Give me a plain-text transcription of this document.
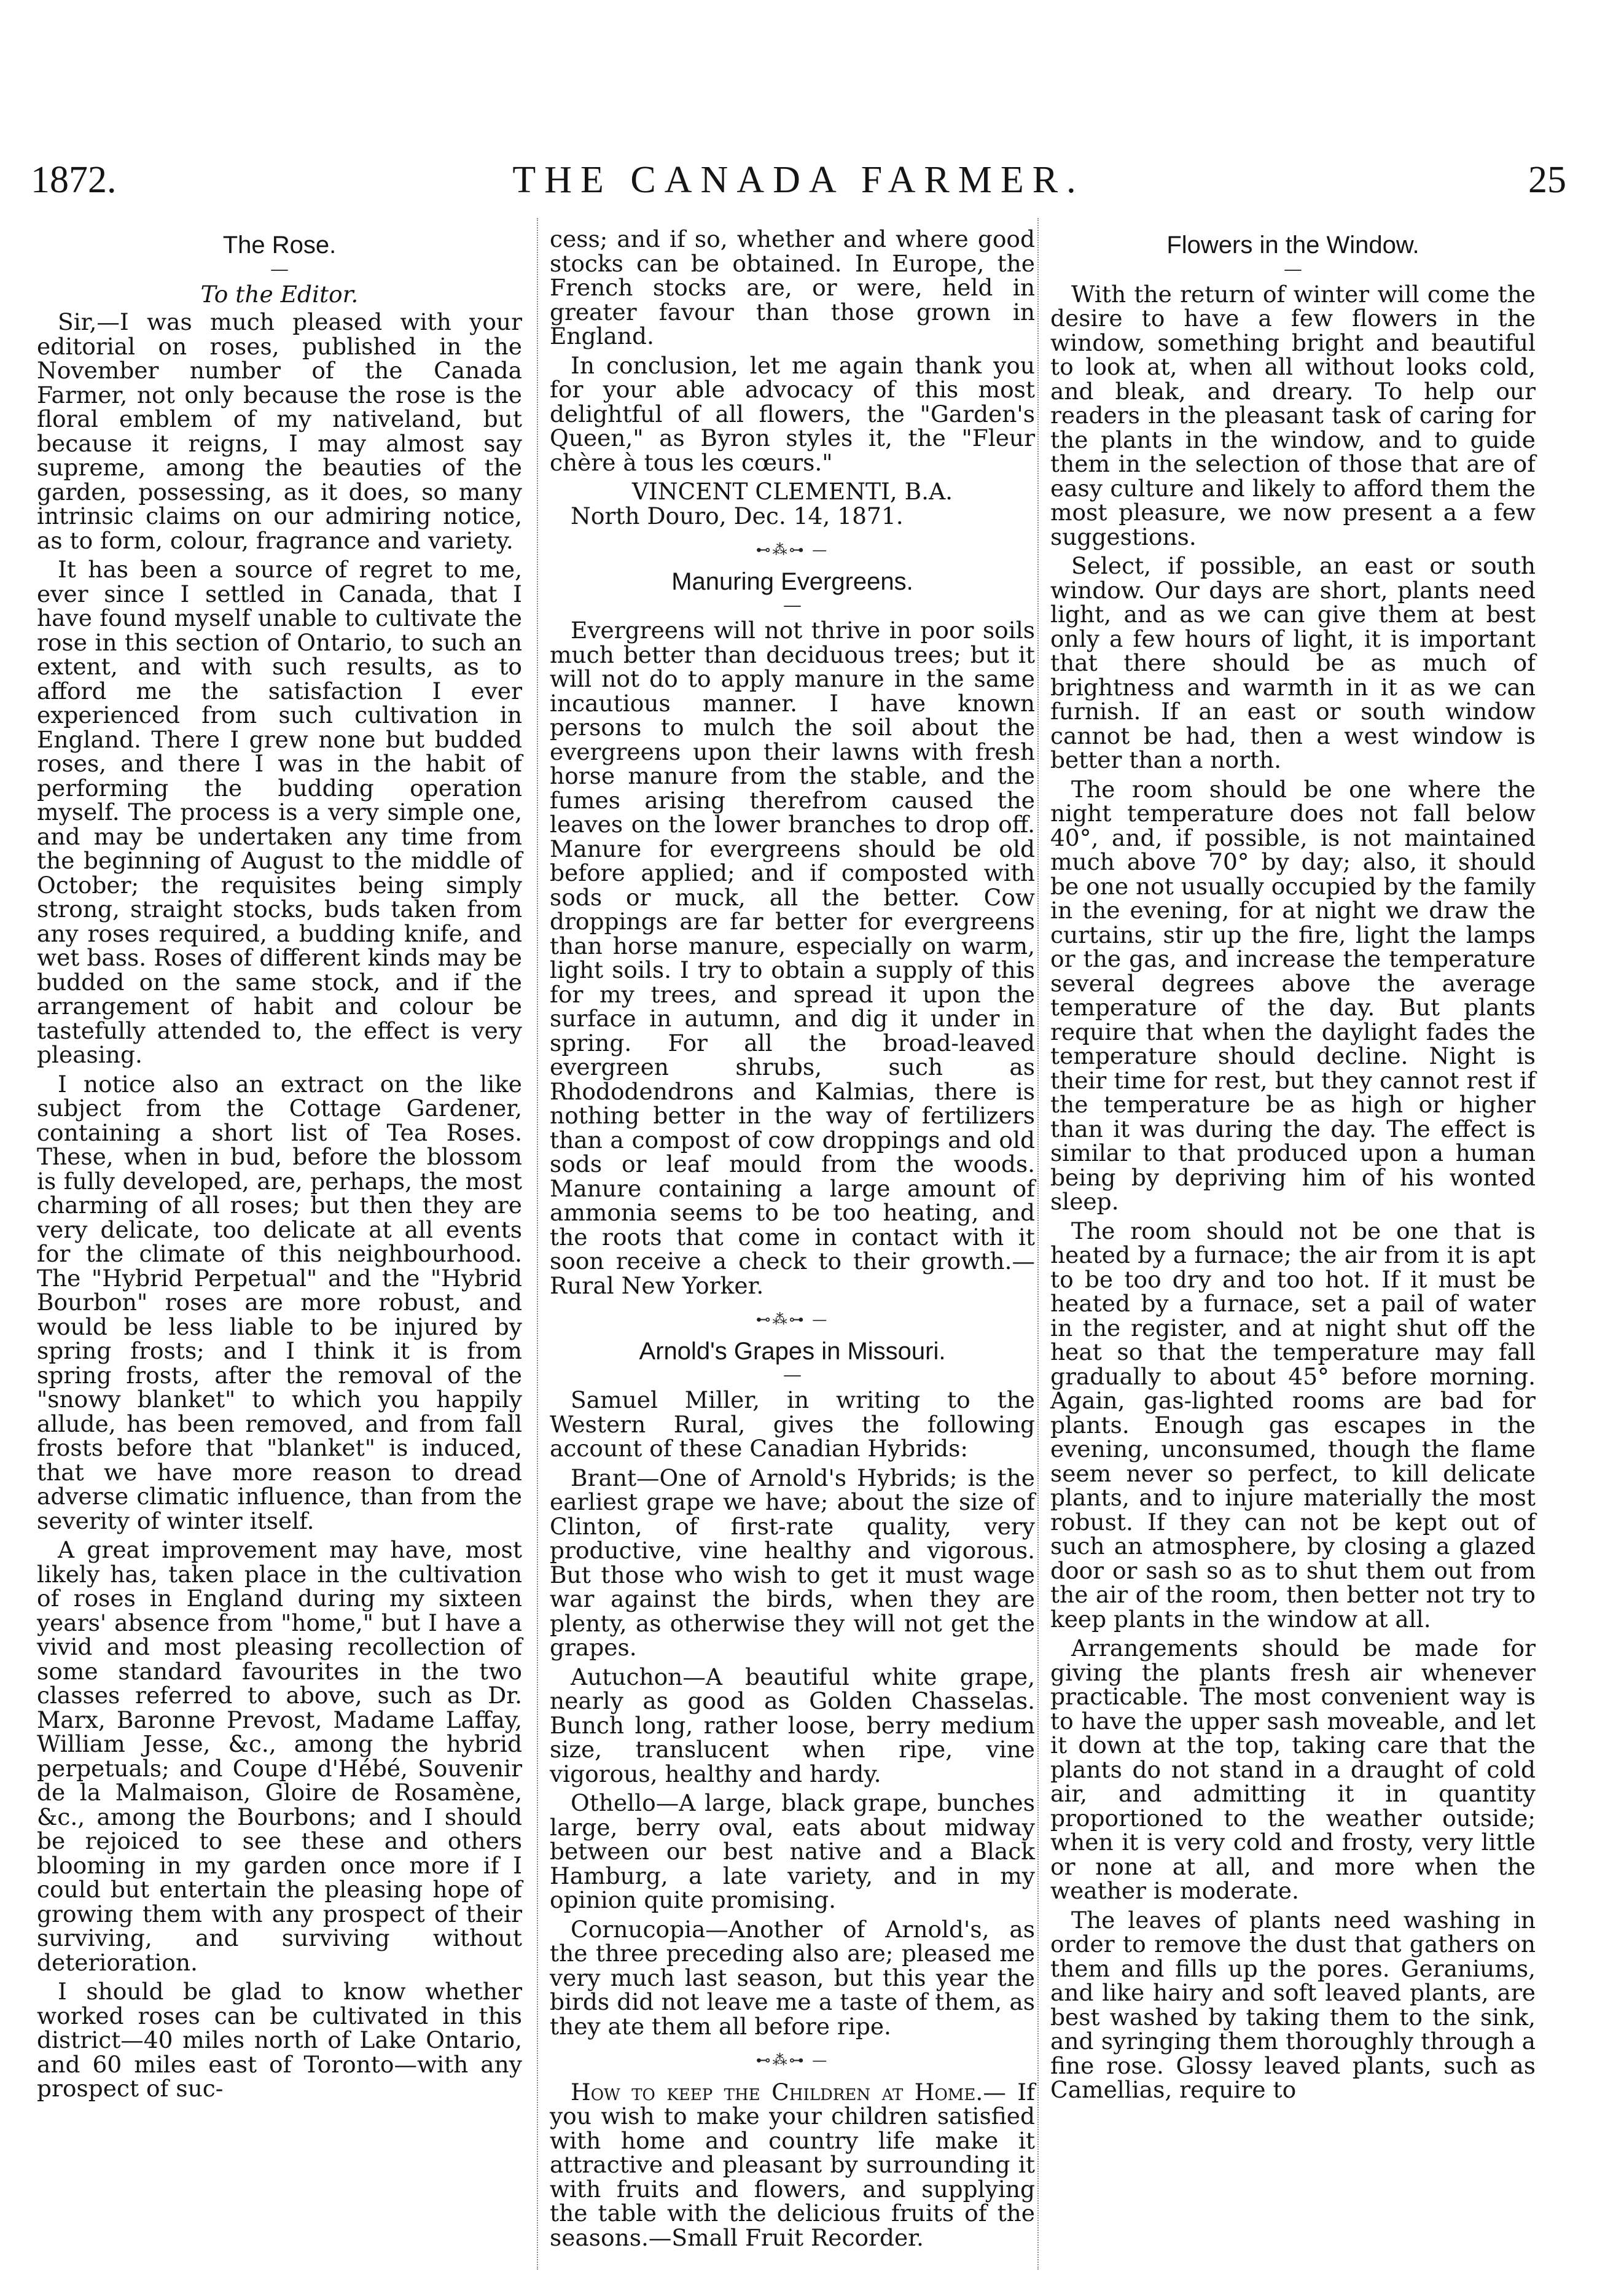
1872.	THE CANADA FARMER.	25
The Rose.
—
To the Editor.

Sir,—I was much pleased with your editorial on roses, published in the November number of the Canada Farmer, not only because the rose is the floral emblem of my nativeland, but because it reigns, I may almost say supreme, among the beauties of the garden, possessing, as it does, so many intrinsic claims on our admiring notice, as to form, colour, fragrance and variety.

It has been a source of regret to me, ever since I settled in Canada, that I have found myself unable to cultivate the rose in this section of Ontario, to such an extent, and with such results, as to afford me the satisfaction I ever experienced from such cultivation in England. There I grew none but budded roses, and there I was in the habit of performing the budding operation myself. The process is a very simple one, and may be undertaken any time from the beginning of August to the middle of October; the requisites being simply strong, straight stocks, buds taken from any roses required, a budding knife, and wet bass. Roses of different kinds may be budded on the same stock, and if the arrangement of habit and colour be tastefully attended to, the effect is very pleasing.

I notice also an extract on the like subject from the Cottage Gardener, containing a short list of Tea Roses. These, when in bud, before the blossom is fully developed, are, perhaps, the most charming of all roses; but then they are very delicate, too delicate at all events for the climate of this neighbourhood. The "Hybrid Perpetual" and the "Hybrid Bourbon" roses are more robust, and would be less liable to be injured by spring frosts; and I think it is from spring frosts, after the removal of the "snowy blanket" to which you happily allude, has been removed, and from fall frosts before that "blanket" is induced, that we have more reason to dread adverse climatic influence, than from the severity of winter itself.

A great improvement may have, most likely has, taken place in the cultivation of roses in England during my sixteen years' absence from "home," but I have a vivid and most pleasing recollection of some standard favourites in the two classes referred to above, such as Dr. Marx, Baronne Prevost, Madame Laffay, William Jesse, &c., among the hybrid perpetuals; and Coupe d'Hébé, Souvenir de la Malmaison, Gloire de Rosamène, &c., among the Bourbons; and I should be rejoiced to see these and others blooming in my garden once more if I could but entertain the pleasing hope of growing them with any prospect of their surviving, and surviving without deterioration.

I should be glad to know whether worked roses can be cultivated in this district—40 miles north of Lake Ontario, and 60 miles east of Toronto—with any prospect of suc-

cess; and if so, whether and where good stocks can be obtained. In Europe, the French stocks are, or were, held in greater favour than those grown in England.

In conclusion, let me again thank you for your able advocacy of this most delightful of all flowers, the "Garden's Queen," as Byron styles it, the "Fleur chère à tous les cœurs."

VINCENT CLEMENTI, B.A.
North Douro, Dec. 14, 1871.
⊷⁂⊶ —
Manuring Evergreens.
—

Evergreens will not thrive in poor soils much better than deciduous trees; but it will not do to apply manure in the same incautious manner. I have known persons to mulch the soil about the evergreens upon their lawns with fresh horse manure from the stable, and the fumes arising therefrom caused the leaves on the lower branches to drop off. Manure for evergreens should be old before applied; and if composted with sods or muck, all the better. Cow droppings are far better for evergreens than horse manure, especially on warm, light soils. I try to obtain a supply of this for my trees, and spread it upon the surface in autumn, and dig it under in spring. For all the broad-leaved evergreen shrubs, such as Rhododendrons and Kalmias, there is nothing better in the way of fertilizers than a compost of cow droppings and old sods or leaf mould from the woods. Manure containing a large amount of ammonia seems to be too heating, and the roots that come in contact with it soon receive a check to their growth.—Rural New Yorker.

⊷⁂⊶ —
Arnold's Grapes in Missouri.
—

Samuel Miller, in writing to the Western Rural, gives the following account of these Canadian Hybrids:

Brant—One of Arnold's Hybrids; is the earliest grape we have; about the size of Clinton, of first-rate quality, very productive, vine healthy and vigorous. But those who wish to get it must wage war against the birds, when they are plenty, as otherwise they will not get the grapes.

Autuchon—A beautiful white grape, nearly as good as Golden Chasselas. Bunch long, rather loose, berry medium size, translucent when ripe, vine vigorous, healthy and hardy.

Othello—A large, black grape, bunches large, berry oval, eats about midway between our best native and a Black Hamburg, a late variety, and in my opinion quite promising.

Cornucopia—Another of Arnold's, as the three preceding also are; pleased me very much last season, but this year the birds did not leave me a taste of them, as they ate them all before ripe.

⊷⁂⊶ —

How to keep the Children at Home.— If you wish to make your children satisfied with home and country life make it attractive and pleasant by surrounding it with fruits and flowers, and supplying the table with the delicious fruits of the seasons.—Small Fruit Recorder.

Flowers in the Window.
—

With the return of winter will come the desire to have a few flowers in the window, something bright and beautiful to look at, when all without looks cold, and bleak, and dreary. To help our readers in the pleasant task of caring for the plants in the window, and to guide them in the selection of those that are of easy culture and likely to afford them the most pleasure, we now present a a few suggestions.

Select, if possible, an east or south window. Our days are short, plants need light, and as we can give them at best only a few hours of light, it is important that there should be as much of brightness and warmth in it as we can furnish. If an east or south window cannot be had, then a west window is better than a north.

The room should be one where the night temperature does not fall below 40°, and, if possible, is not maintained much above 70° by day; also, it should be one not usually occupied by the family in the evening, for at night we draw the curtains, stir up the fire, light the lamps or the gas, and increase the temperature several degrees above the average temperature of the day. But plants require that when the daylight fades the temperature should decline. Night is their time for rest, but they cannot rest if the temperature be as high or higher than it was during the day. The effect is similar to that produced upon a human being by depriving him of his wonted sleep.

The room should not be one that is heated by a furnace; the air from it is apt to be too dry and too hot. If it must be heated by a furnace, set a pail of water in the register, and at night shut off the heat so that the temperature may fall gradually to about 45° before morning. Again, gas-lighted rooms are bad for plants. Enough gas escapes in the evening, unconsumed, though the flame seem never so perfect, to kill delicate plants, and to injure materially the most robust. If they can not be kept out of such an atmosphere, by closing a glazed door or sash so as to shut them out from the air of the room, then better not try to keep plants in the window at all.

Arrangements should be made for giving the plants fresh air whenever practicable. The most convenient way is to have the upper sash moveable, and let it down at the top, taking care that the plants do not stand in a draught of cold air, and admitting it in quantity proportioned to the weather outside; when it is very cold and frosty, very little or none at all, and more when the weather is moderate.

The leaves of plants need washing in order to remove the dust that gathers on them and fills up the pores. Geraniums, and like hairy and soft leaved plants, are best washed by taking them to the sink, and syringing them thoroughly through a fine rose. Glossy leaved plants, such as Camellias, require to
